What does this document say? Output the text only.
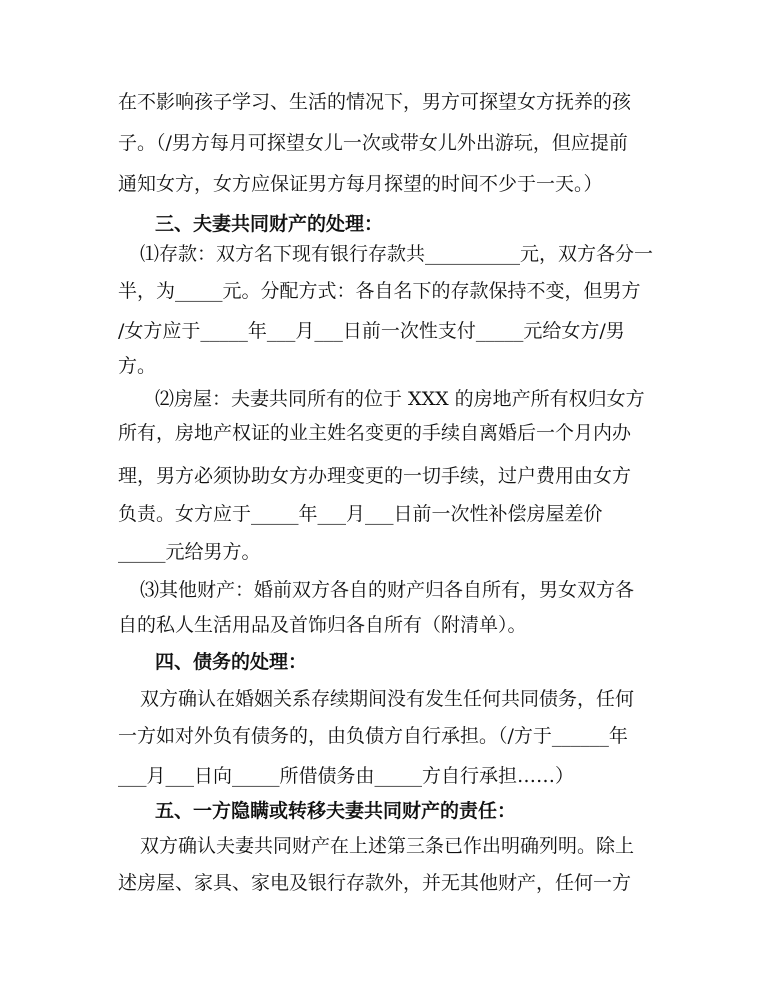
在不影响孩子学习、生活的情况下，男方可探望女方抚养的孩
子。（/男方每月可探望女儿一次或带女儿外出游玩，但应提前
通知女方，女方应保证男方每月探望的时间不少于一天。）
三、夫妻共同财产的处理：
⑴存款：双方名下现有银行存款共__________元，双方各分一
半，为_____元。分配方式：各自名下的存款保持不变，但男方
/女方应于_____年___月___日前一次性支付_____元给女方/男
方。
⑵房屋：夫妻共同所有的位于 XXX 的房地产所有权归女方
所有，房地产权证的业主姓名变更的手续自离婚后一个月内办
理，男方必须协助女方办理变更的一切手续，过户费用由女方
负责。女方应于_____年___月___日前一次性补偿房屋差价
_____元给男方。
⑶其他财产：婚前双方各自的财产归各自所有，男女双方各
自的私人生活用品及首饰归各自所有（附清单）。
四、债务的处理：
双方确认在婚姻关系存续期间没有发生任何共同债务，任何
一方如对外负有债务的，由负债方自行承担。（/方于______年
___月___日向_____所借债务由_____方自行承担……）
五、一方隐瞒或转移夫妻共同财产的责任：
双方确认夫妻共同财产在上述第三条已作出明确列明。除上
述房屋、家具、家电及银行存款外，并无其他财产，任何一方
